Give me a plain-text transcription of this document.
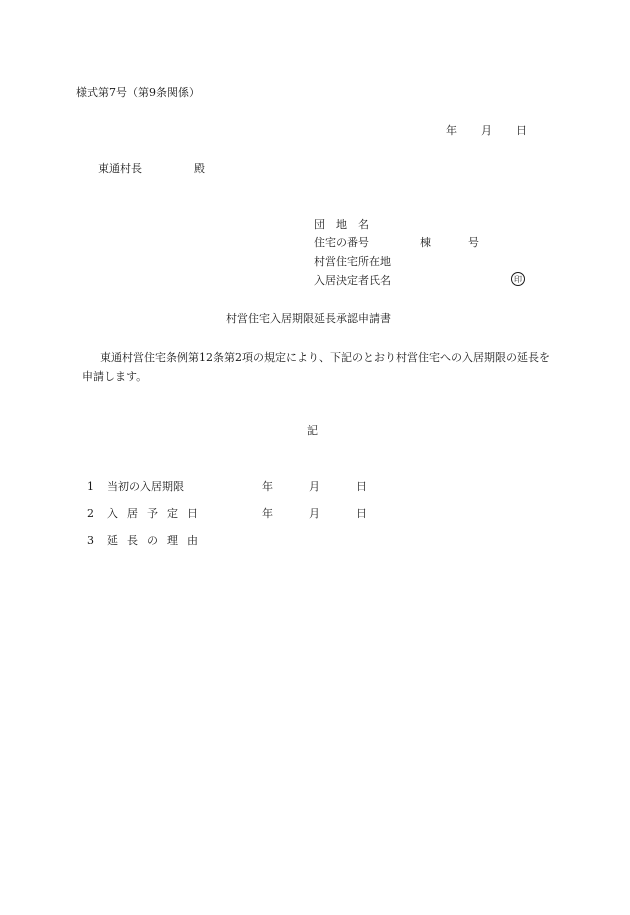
様式第7号（第9条関係）
年 月 日
東通村長	殿
団　地　名
住宅の番号	棟	号
村営住宅所在地
入居決定者氏名	印
村営住宅入居期限延長承認申請書
東通村営住宅条例第12条第2項の規定により、下記のとおり村営住宅への入居期限の延長を申請します。
記
1 当初の入居期限	年	月	日
2 入居予定日	年	月	日
3 延長の理由
